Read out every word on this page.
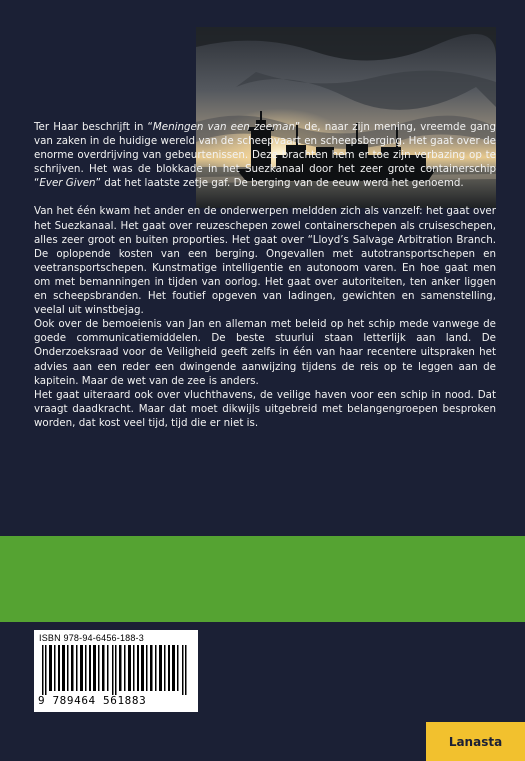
Ter Haar beschrijft in “Meningen van een zeeman” de, naar zijn mening, vreemde gang van zaken in de huidige wereld van de scheepvaart en scheepsberging. Het gaat over de enorme overdrijving van gebeurtenissen. Deze brachten hem er toe zijn verbazing op te schrijven. Het was de blokkade in het Suezkanaal door het zeer grote containerschip “Ever Given” dat het laatste zetje gaf. De berging van de eeuw werd het genoemd.

Van het één kwam het ander en de onderwerpen meldden zich als vanzelf: het gaat over het Suezkanaal. Het gaat over reuzeschepen zowel containerschepen als cruiseschepen, alles zeer groot en buiten proporties. Het gaat over “Lloyd’s Salvage Arbitration Branch. De oplopende kosten van een berging. Ongevallen met autotransportschepen en veetransportschepen. Kunstmatige intelligentie en autonoom varen. En hoe gaat men om met bemanningen in tijden van oorlog. Het gaat over autoriteiten, ten anker liggen en scheepsbranden. Het foutief opgeven van ladingen, gewichten en samenstelling, veelal uit winstbejag.

Ook over de bemoeienis van Jan en alleman met beleid op het schip mede vanwege de goede communicatiemiddelen. De beste stuurlui staan letterlijk aan land. De Onderzoeksraad voor de Veiligheid geeft zelfs in één van haar recentere uitspraken het advies aan een reder een dwingende aanwijzing tijdens de reis op te leggen aan de kapitein. Maar de wet van de zee is anders.

Het gaat uiteraard ook over vluchthavens, de veilige haven voor een schip in nood. Dat vraagt daadkracht. Maar dat moet dikwijls uitgebreid met belangengroepen besproken worden, dat kost veel tijd, tijd die er niet is.

ISBN 978-94-6456-188-3
9 789464 561883
Lanasta
